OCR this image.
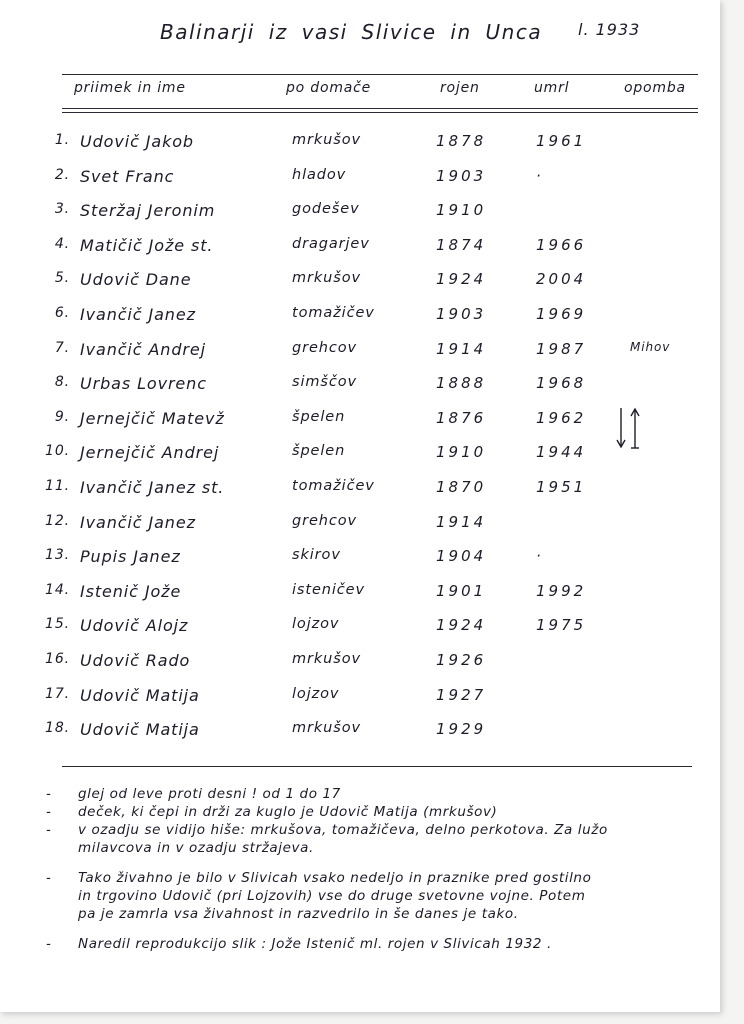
Balinarji iz vasi Slivice in Unca l. 1933
priimek in ime	po domače	rojen	umrl	opomba
1. Udovič Jakob	mrkušov	1878	1961
2. Svet Franc	hladov	1903	·
3. Steržaj Jeronim	godešev	1910
4. Matičič Jože st.	dragarjev	1874	1966
5. Udovič Dane	mrkušov	1924	2004
6. Ivančič Janez	tomažičev	1903	1969
7. Ivančič Andrej	grehcov	1914	1987	Mihov
8. Urbas Lovrenc	simščov	1888	1968
9. Jernejčič Matevž	špelen	1876	1962
10. Jernejčič Andrej	špelen	1910	1944
11. Ivančič Janez st.	tomažičev	1870	1951
12. Ivančič Janez	grehcov	1914
13. Pupis Janez	skirov	1904	·
14. Istenič Jože	isteničev	1901	1992
15. Udovič Alojz	lojzov	1924	1975
16. Udovič Rado	mrkušov	1926
17. Udovič Matija	lojzov	1927
18. Udovič Matija	mrkušov	1929
- glej od leve proti desni ! od 1 do 17
- deček, ki čepi in drži za kuglo je Udovič Matija (mrkušov)
- v ozadju se vidijo hiše: mrkušova, tomažičeva, delno perkotova. Za lužo
milavcova in v ozadju stržajeva.
- Tako živahno je bilo v Slivicah vsako nedeljo in praznike pred gostilno
in trgovino Udovič (pri Lojzovih) vse do druge svetovne vojne. Potem
pa je zamrla vsa živahnost in razvedrilo in še danes je tako.
- Naredil reprodukcijo slik : Jože Istenič ml. rojen v Slivicah 1932 .
